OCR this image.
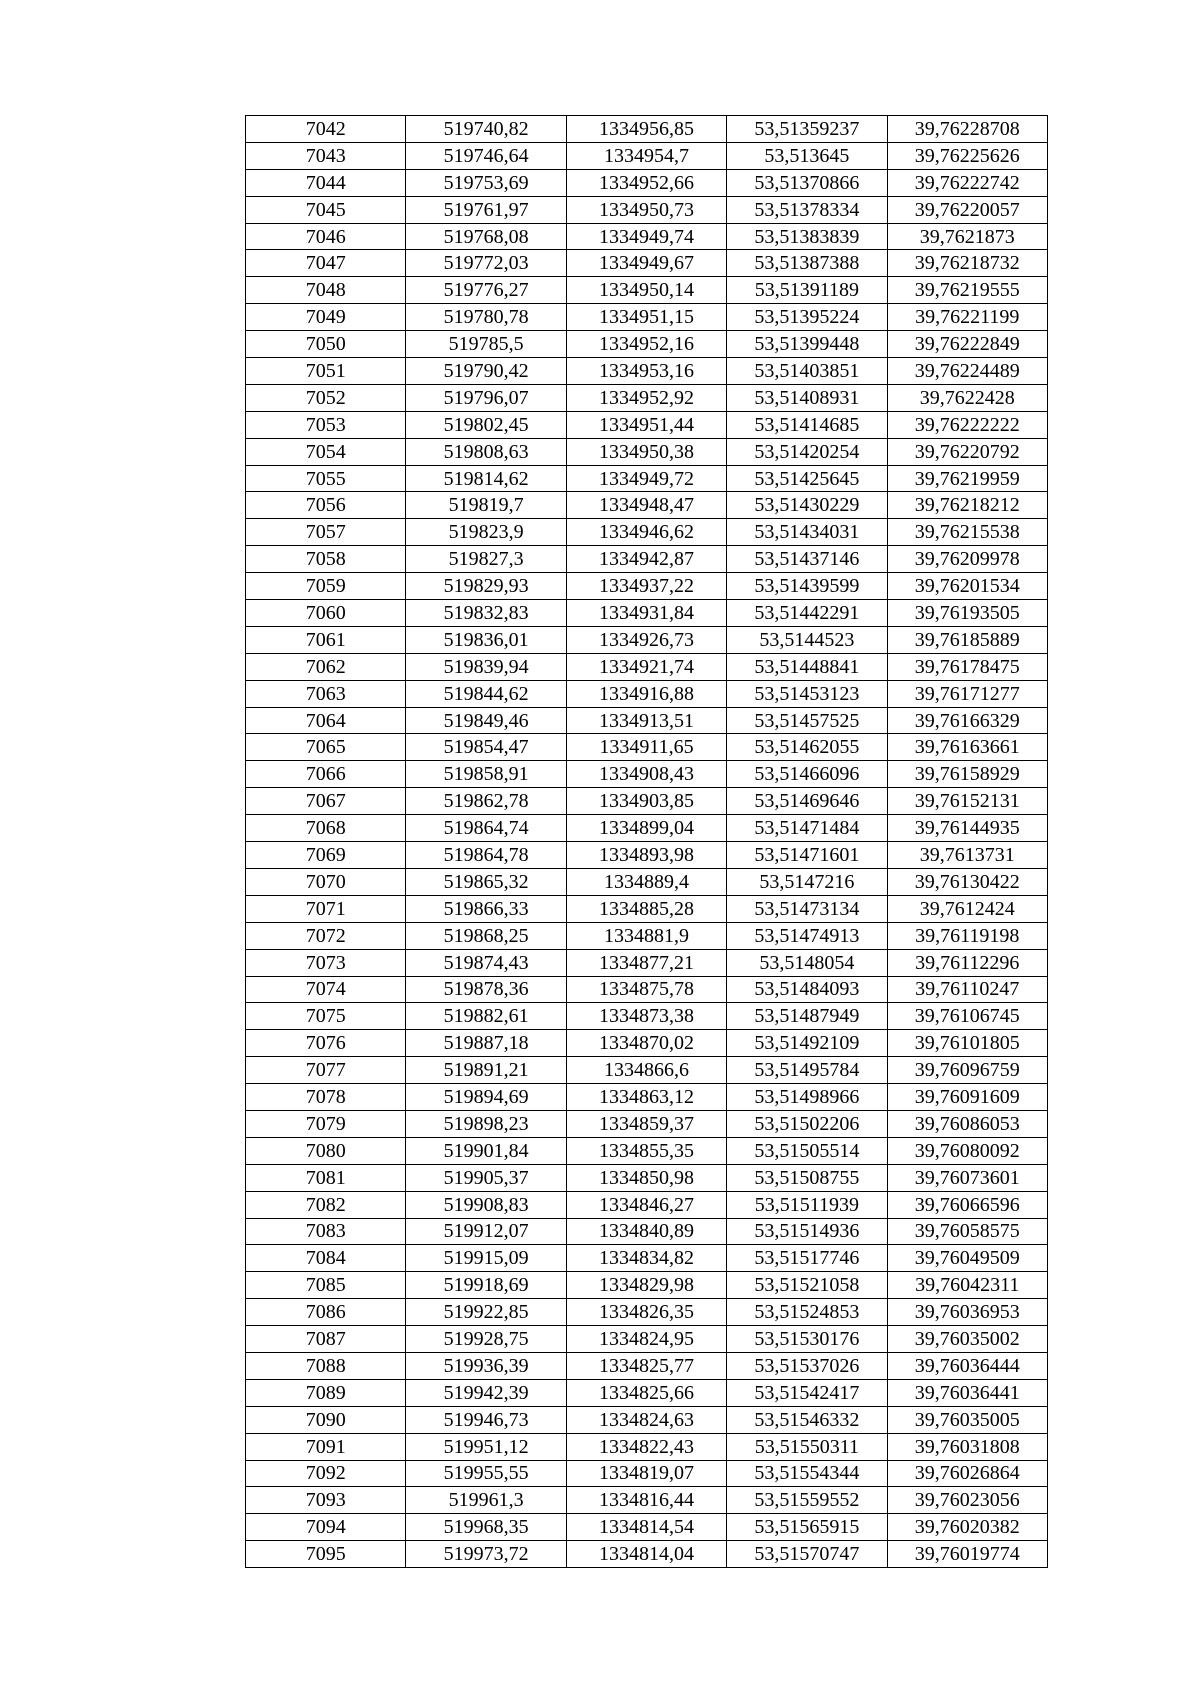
7042	519740,82	1334956,85	53,51359237	39,76228708
7043	519746,64	1334954,7	53,513645	39,76225626
7044	519753,69	1334952,66	53,51370866	39,76222742
7045	519761,97	1334950,73	53,51378334	39,76220057
7046	519768,08	1334949,74	53,51383839	39,7621873
7047	519772,03	1334949,67	53,51387388	39,76218732
7048	519776,27	1334950,14	53,51391189	39,76219555
7049	519780,78	1334951,15	53,51395224	39,76221199
7050	519785,5	1334952,16	53,51399448	39,76222849
7051	519790,42	1334953,16	53,51403851	39,76224489
7052	519796,07	1334952,92	53,51408931	39,7622428
7053	519802,45	1334951,44	53,51414685	39,76222222
7054	519808,63	1334950,38	53,51420254	39,76220792
7055	519814,62	1334949,72	53,51425645	39,76219959
7056	519819,7	1334948,47	53,51430229	39,76218212
7057	519823,9	1334946,62	53,51434031	39,76215538
7058	519827,3	1334942,87	53,51437146	39,76209978
7059	519829,93	1334937,22	53,51439599	39,76201534
7060	519832,83	1334931,84	53,51442291	39,76193505
7061	519836,01	1334926,73	53,5144523	39,76185889
7062	519839,94	1334921,74	53,51448841	39,76178475
7063	519844,62	1334916,88	53,51453123	39,76171277
7064	519849,46	1334913,51	53,51457525	39,76166329
7065	519854,47	1334911,65	53,51462055	39,76163661
7066	519858,91	1334908,43	53,51466096	39,76158929
7067	519862,78	1334903,85	53,51469646	39,76152131
7068	519864,74	1334899,04	53,51471484	39,76144935
7069	519864,78	1334893,98	53,51471601	39,7613731
7070	519865,32	1334889,4	53,5147216	39,76130422
7071	519866,33	1334885,28	53,51473134	39,7612424
7072	519868,25	1334881,9	53,51474913	39,76119198
7073	519874,43	1334877,21	53,5148054	39,76112296
7074	519878,36	1334875,78	53,51484093	39,76110247
7075	519882,61	1334873,38	53,51487949	39,76106745
7076	519887,18	1334870,02	53,51492109	39,76101805
7077	519891,21	1334866,6	53,51495784	39,76096759
7078	519894,69	1334863,12	53,51498966	39,76091609
7079	519898,23	1334859,37	53,51502206	39,76086053
7080	519901,84	1334855,35	53,51505514	39,76080092
7081	519905,37	1334850,98	53,51508755	39,76073601
7082	519908,83	1334846,27	53,51511939	39,76066596
7083	519912,07	1334840,89	53,51514936	39,76058575
7084	519915,09	1334834,82	53,51517746	39,76049509
7085	519918,69	1334829,98	53,51521058	39,76042311
7086	519922,85	1334826,35	53,51524853	39,76036953
7087	519928,75	1334824,95	53,51530176	39,76035002
7088	519936,39	1334825,77	53,51537026	39,76036444
7089	519942,39	1334825,66	53,51542417	39,76036441
7090	519946,73	1334824,63	53,51546332	39,76035005
7091	519951,12	1334822,43	53,51550311	39,76031808
7092	519955,55	1334819,07	53,51554344	39,76026864
7093	519961,3	1334816,44	53,51559552	39,76023056
7094	519968,35	1334814,54	53,51565915	39,76020382
7095	519973,72	1334814,04	53,51570747	39,76019774
